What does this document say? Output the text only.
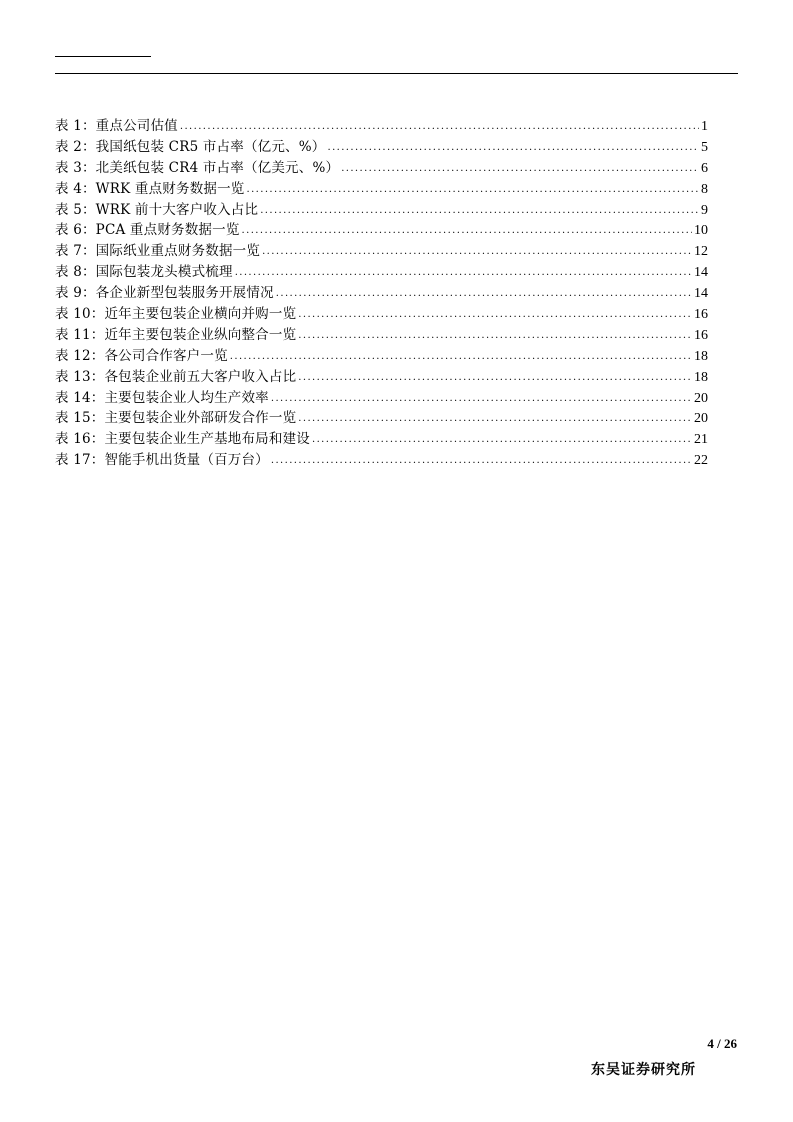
表 1：重点公司估值 .....	1
表 2：我国纸包装 CR5 市占率（亿元、%） .....	5
表 3：北美纸包装 CR4 市占率（亿美元、%） .....	6
表 4：WRK 重点财务数据一览 .....	8
表 5：WRK 前十大客户收入占比 .....	9
表 6：PCA 重点财务数据一览 .....	10
表 7：国际纸业重点财务数据一览 .....	12
表 8：国际包装龙头模式梳理 .....	14
表 9：各企业新型包装服务开展情况 .....	14
表 10：近年主要包装企业横向并购一览 .....	16
表 11：近年主要包装企业纵向整合一览 .....	16
表 12：各公司合作客户一览 .....	18
表 13：各包装企业前五大客户收入占比 .....	18
表 14：主要包装企业人均生产效率 .....	20
表 15：主要包装企业外部研发合作一览 .....	20
表 16：主要包装企业生产基地布局和建设 .....	21
表 17：智能手机出货量（百万台） .....	22
4 / 26
东吴证券研究所
